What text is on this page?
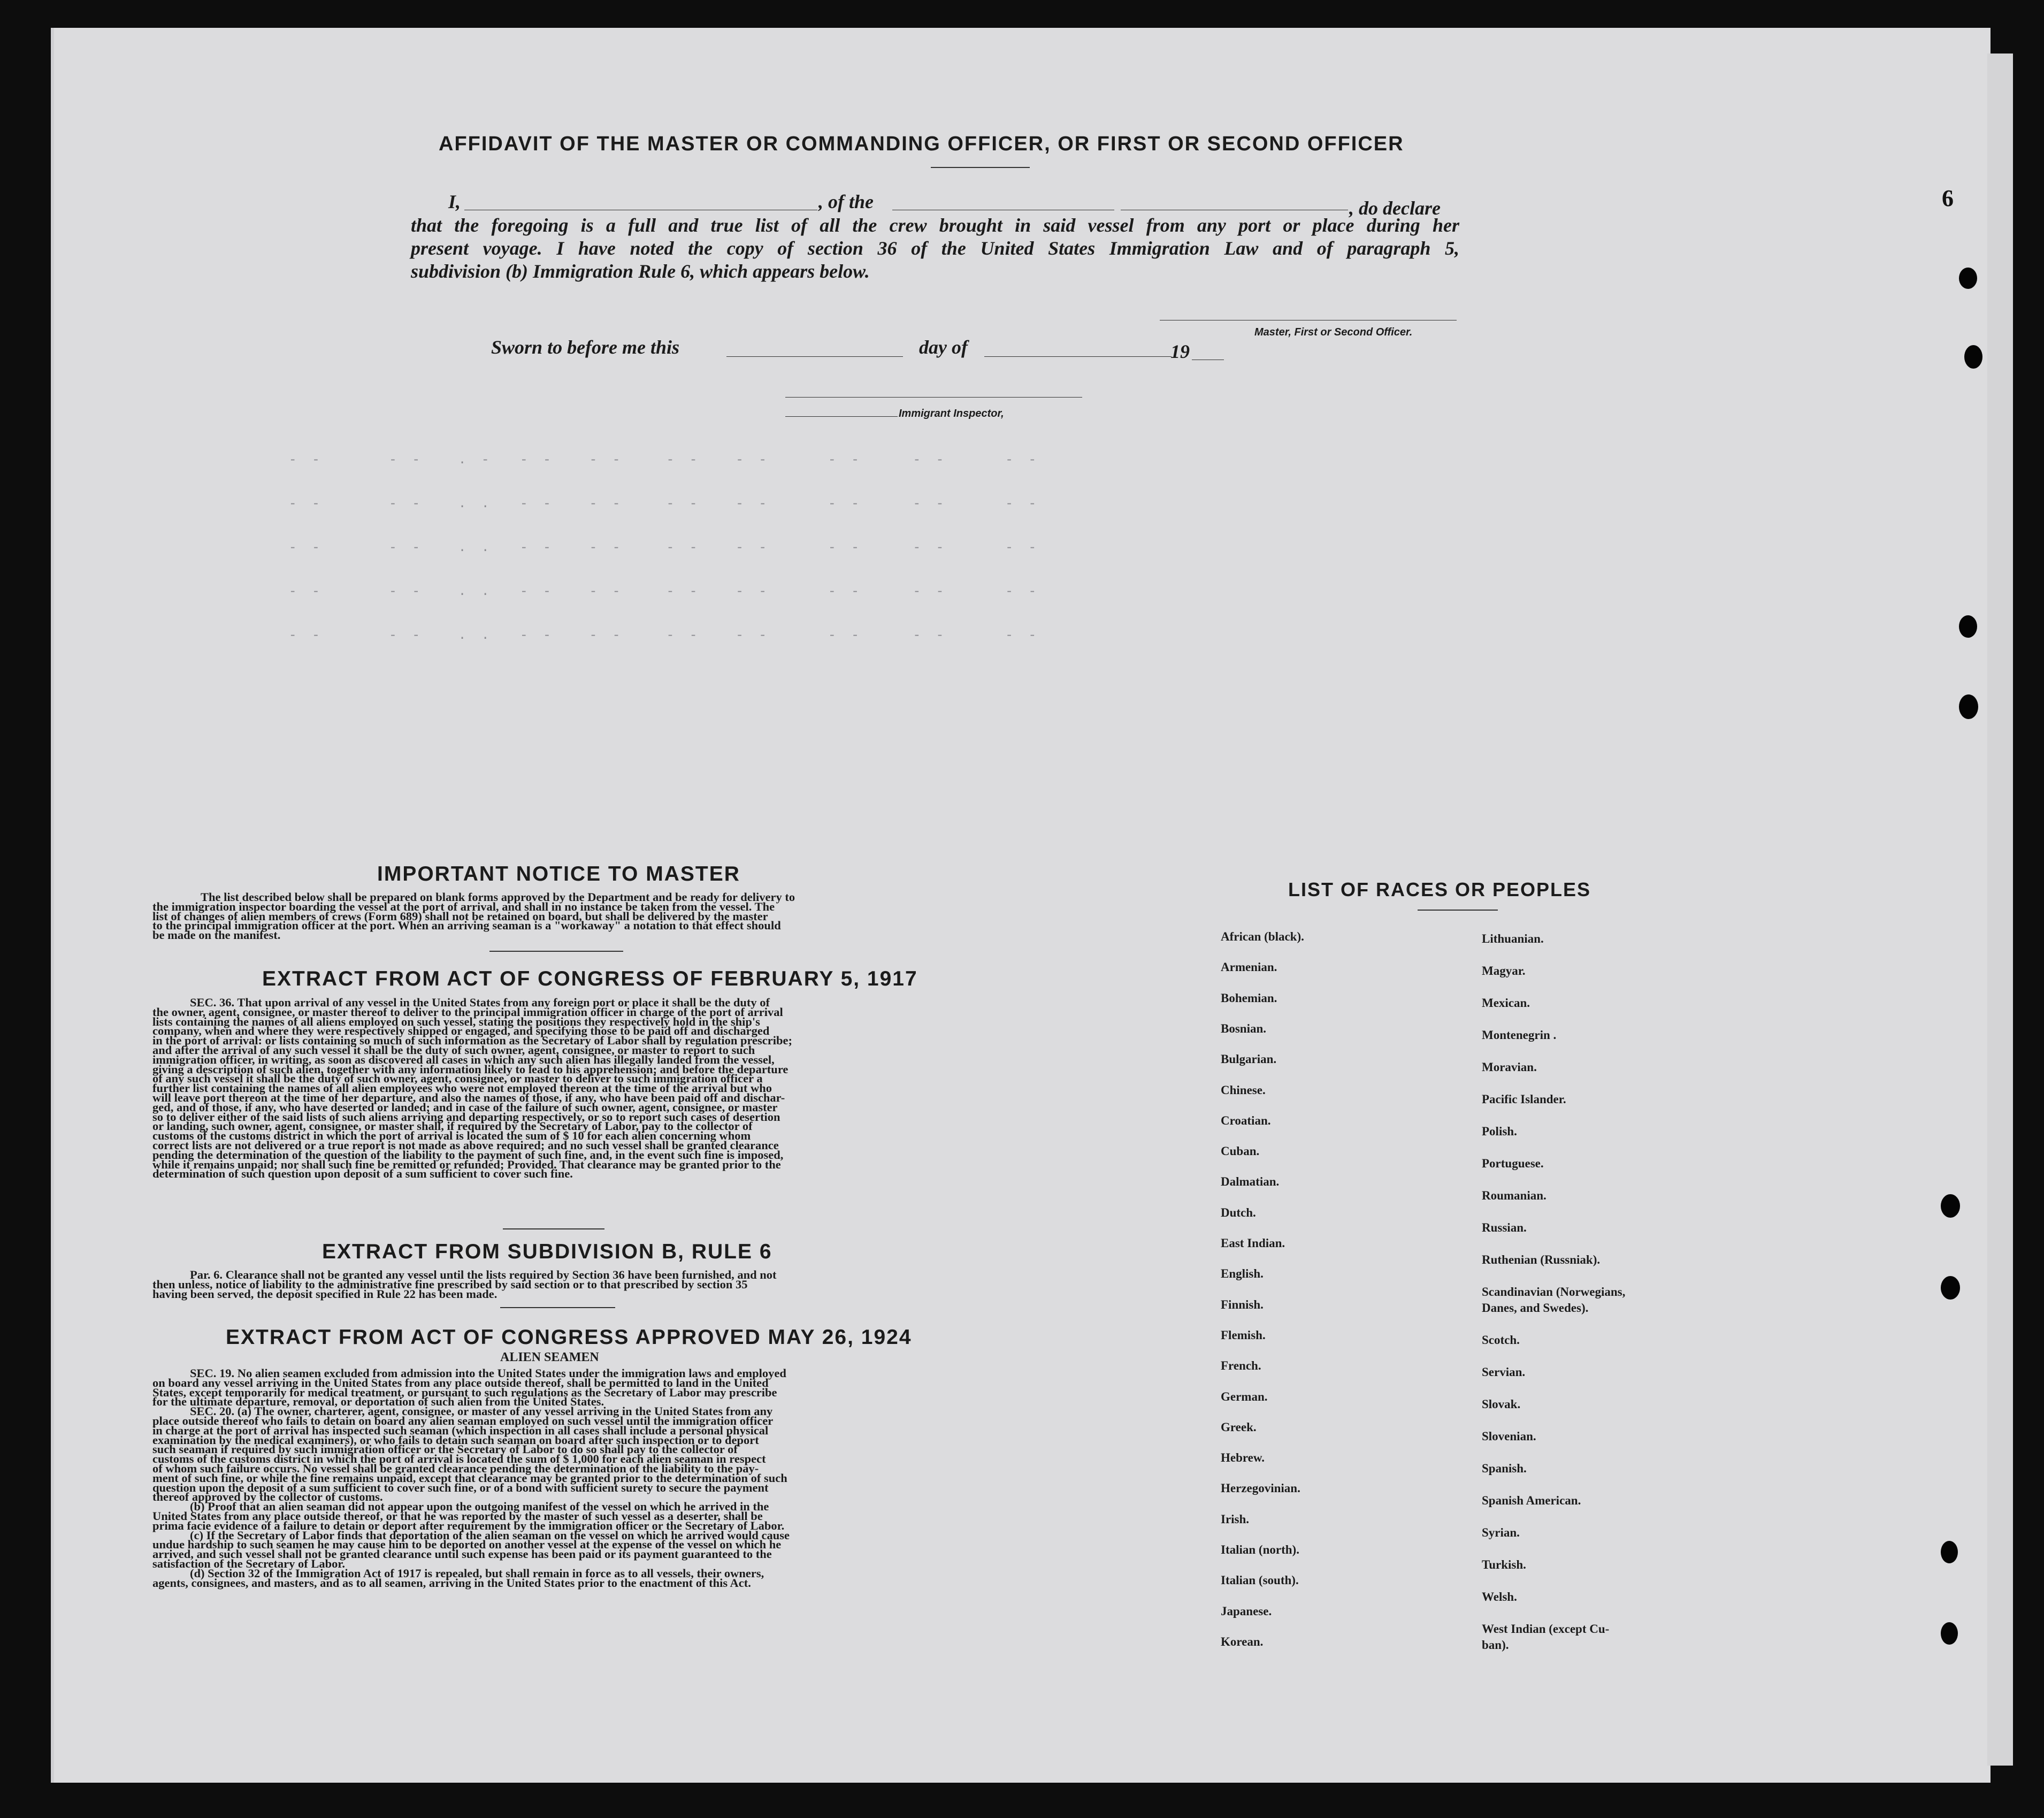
AFFIDAVIT OF THE MASTER OR COMMANDING OFFICER, OR FIRST OR SECOND OFFICER
I,	, of the	, do declare
that the foregoing is a full and true list of all the crew brought in said vessel from any port or place during her
present voyage. I have noted the copy of section 36 of the United States Immigration Law and of paragraph 5,
subdivision (b) Immigration Rule 6, which appears below.
Master, First or Second Officer.
Sworn to before me this	day of	19
Immigrant Inspector,
-  -         -  -     .  -    -  -     -  -      -  -     -  -        -  -       -  -        -  -
-  -         -  -     .  .    -  -     -  -      -  -     -  -        -  -       -  -        -  -
-  -         -  -     .  .    -  -     -  -      -  -     -  -        -  -       -  -        -  -
-  -         -  -     .  .    -  -     -  -      -  -     -  -        -  -       -  -        -  -
-  -         -  -     .  .    -  -     -  -      -  -     -  -        -  -       -  -        -  -
IMPORTANT NOTICE TO MASTER
The list described below shall be prepared on blank forms approved by the Department and be ready for delivery to
the immigration inspector boarding the vessel at the port of arrival, and shall in no instance be taken from the vessel. The
list of changes of alien members of crews (Form 689) shall not be retained on board, but shall be delivered by the master
to the principal immigration officer at the port. When an arriving seaman is a "workaway" a notation to that effect should
be made on the manifest.
EXTRACT FROM ACT OF CONGRESS OF FEBRUARY 5, 1917
SEC. 36. That upon arrival of any vessel in the United States from any foreign port or place it shall be the duty of
the owner, agent, consignee, or master thereof to deliver to the principal immigration officer in charge of the port of arrival
lists containing the names of all aliens employed on such vessel, stating the positions they respectively hold in the ship's
company, when and where they were respectively shipped or engaged, and specifying those to be paid off and discharged
in the port of arrival: or lists containing so much of such information as the Secretary of Labor shall by regulation prescribe;
and after the arrival of any such vessel it shall be the duty of such owner, agent, consignee, or master to report to such
immigration officer, in writing, as soon as discovered all cases in which any such alien has illegally landed from the vessel,
giving a description of such alien, together with any information likely to lead to his apprehension; and before the departure
of any such vessel it shall be the duty of such owner, agent, consignee, or master to deliver to such immigration officer a
further list containing the names of all alien employees who were not employed thereon at the time of the arrival but who
will leave port thereon at the time of her departure, and also the names of those, if any, who have been paid off and dischar-
ged, and of those, if any, who have deserted or landed; and in case of the failure of such owner, agent, consignee, or master
so to deliver either of the said lists of such aliens arriving and departing respectively, or so to report such cases of desertion
or landing, such owner, agent, consignee, or master shall, if required by the Secretary of Labor, pay to the collector of
customs of the customs district in which the port of arrival is located the sum of $ 10 for each alien concerning whom
correct lists are not delivered or a true report is not made as above required; and no such vessel shall be granted clearance
pending the determination of the question of the liability to the payment of such fine, and, in the event such fine is imposed,
while it remains unpaid; nor shall such fine be remitted or refunded; Provided. That clearance may be granted prior to the
determination of such question upon deposit of a sum sufficient to cover such fine.
EXTRACT FROM SUBDIVISION B, RULE 6
Par. 6. Clearance shall not be granted any vessel until the lists required by Section 36 have been furnished, and not
then unless, notice of liability to the administrative fine prescribed by said section or to that prescribed by section 35
having been served, the deposit specified in Rule 22 has been made.
EXTRACT FROM ACT OF CONGRESS APPROVED MAY 26, 1924
ALIEN SEAMEN
SEC. 19. No alien seamen excluded from admission into the United States under the immigration laws and employed
on board any vessel arriving in the United States from any place outside thereof, shall be permitted to land in the United
States, except temporarily for medical treatment, or pursuant to such regulations as the Secretary of Labor may prescribe
for the ultimate departure, removal, or deportation of such alien from the United States.
SEC. 20. (a) The owner, charterer, agent, consignee, or master of any vessel arriving in the United States from any
place outside thereof who fails to detain on board any alien seaman employed on such vessel until the immigration officer
in charge at the port of arrival has inspected such seaman (which inspection in all cases shall include a personal physical
examination by the medical examiners), or who fails to detain such seaman on board after such inspection or to deport
such seaman if required by such immigration officer or the Secretary of Labor to do so shall pay to the collector of
customs of the customs district in which the port of arrival is located the sum of $ 1,000 for each alien seaman in respect
of whom such failure occurs. No vessel shall be granted clearance pending the determination of the liability to the pay-
ment of such fine, or while the fine remains unpaid, except that clearance may be granted prior to the determination of such
question upon the deposit of a sum sufficient to cover such fine, or of a bond with sufficient surety to secure the payment
thereof approved by the collector of customs.
(b) Proof that an alien seaman did not appear upon the outgoing manifest of the vessel on which he arrived in the
United States from any place outside thereof, or that he was reported by the master of such vessel as a deserter, shall be
prima facie evidence of a failure to detain or deport after requirement by the immigration officer or the Secretary of Labor.
(c) If the Secretary of Labor finds that deportation of the alien seaman on the vessel on which he arrived would cause
undue hardship to such seamen he may cause him to be deported on another vessel at the expense of the vessel on which he
arrived, and such vessel shall not be granted clearance until such expense has been paid or its payment guaranteed to the
satisfaction of the Secretary of Labor.
(d) Section 32 of the Immigration Act of 1917 is repealed, but shall remain in force as to all vessels, their owners,
agents, consignees, and masters, and as to all seamen, arriving in the United States prior to the enactment of this Act.
LIST OF RACES OR PEOPLES
African (black).
Armenian.
Bohemian.
Bosnian.
Bulgarian.
Chinese.
Croatian.
Cuban.
Dalmatian.
Dutch.
East Indian.
English.
Finnish.
Flemish.
French.
German.
Greek.
Hebrew.
Herzegovinian.
Irish.
Italian (north).
Italian (south).
Japanese.
Korean.
Lithuanian.
Magyar.
Mexican.
Montenegrin .
Moravian.
Pacific Islander.
Polish.
Portuguese.
Roumanian.
Russian.
Ruthenian (Russniak).
Scandinavian (Norwegians,
Danes, and Swedes).
Scotch.
Servian.
Slovak.
Slovenian.
Spanish.
Spanish American.
Syrian.
Turkish.
Welsh.
West Indian (except Cu-
ban).
6
